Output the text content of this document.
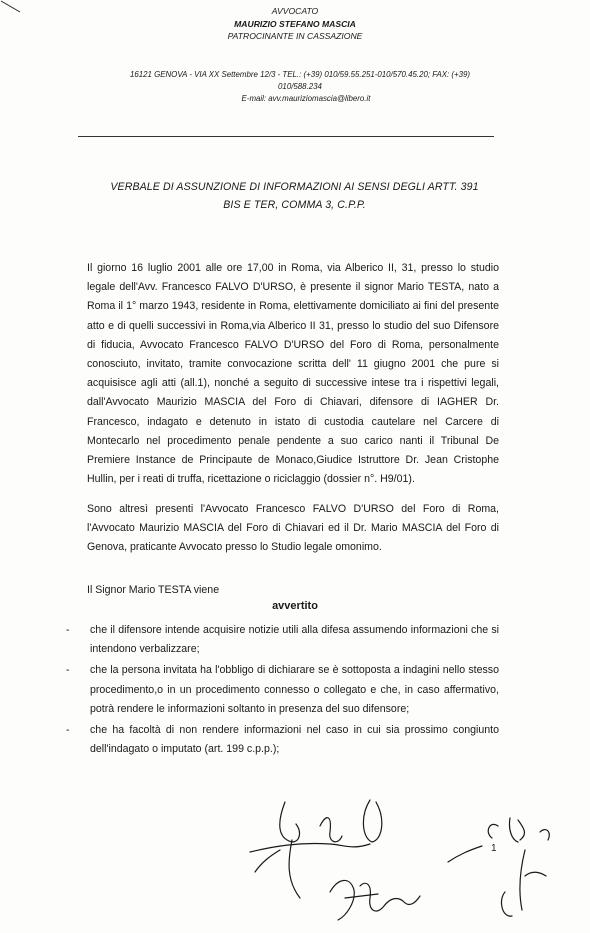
AVVOCATO
MAURIZIO STEFANO MASCIA
PATROCINANTE IN CASSAZIONE
16121 GENOVA - VIA XX Settembre 12/3 - TEL.: (+39) 010/59.55.251-010/570.45.20; FAX: (+39)
010/588.234
E-mail: avv.mauriziomascia@libero.it
VERBALE DI ASSUNZIONE DI INFORMAZIONI AI SENSI DEGLI ARTT. 391
BIS E TER, COMMA 3, C.P.P.

Il giorno 16 luglio 2001 alle ore 17,00 in Roma, via Alberico II, 31, presso lo studio legale dell'Avv. Francesco FALVO D'URSO, è presente il signor Mario TESTA, nato a Roma il 1° marzo 1943, residente in Roma, elettivamente domiciliato ai fini del presente atto e di quelli successivi in Roma,via Alberico II 31, presso lo studio del suo Difensore di fiducia, Avvocato Francesco FALVO D'URSO del Foro di Roma, personalmente conosciuto, invitato, tramite convocazione scritta dell' 11 giugno 2001 che pure si acquisisce agli atti (all.1), nonché a seguito di successive intese tra i rispettivi legali, dall'Avvocato Maurizio MASCIA del Foro di Chiavari, difensore di IAGHER Dr. Francesco, indagato e detenuto in istato di custodia cautelare nel Carcere di Montecarlo nel procedimento penale pendente a suo carico nanti il Tribunal De Premiere Instance de Principaute de Monaco,Giudice Istruttore Dr. Jean Cristophe Hullin, per i reati di truffa, ricettazione o riciclaggio (dossier n°. H9/01).

Sono altresì presenti l'Avvocato Francesco FALVO D'URSO del Foro di Roma, l'Avvocato Maurizio MASCIA del Foro di Chiavari ed il Dr. Mario MASCIA del Foro di Genova, praticante Avvocato presso lo Studio legale omonimo.

Il Signor Mario TESTA viene

avvertito
- che il difensore intende acquisire notizie utili alla difesa assumendo informazioni che si intendono verbalizzare;
- che la persona invitata ha l'obbligo di dichiarare se è sottoposta a indagini nello stesso procedimento,o in un procedimento connesso o collegato e che, in caso affermativo, potrà rendere le informazioni soltanto in presenza del suo difensore;
- che ha facoltà di non rendere informazioni nel caso in cui sia prossimo congiunto dell'indagato o imputato (art. 199 c.p.p.);
1
